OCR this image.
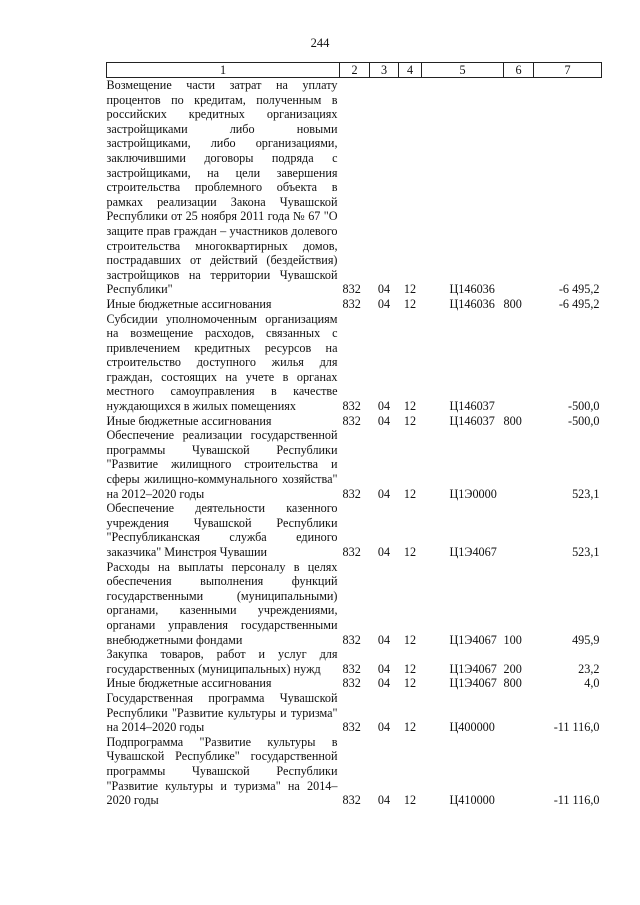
244
1	2	3	4	5	6	7
Возмещение части затрат на уплату процентов по кредитам, полученным в российских кредитных организациях застройщиками либо новыми застройщиками, либо организациями, заключившими договоры подряда с застройщиками, на цели завершения строительства проблемного объекта в рамках реализации Закона Чувашской Республики от 25 ноября 2011 года № 67 "О защите прав граждан – участников долевого строительства многоквартирных домов, пострадавших от действий (бездействия) застройщиков на территории Чувашской Республики"	832	04	12	Ц146036		-6 495,2
Иные бюджетные ассигнования	832	04	12	Ц146036	800	-6 495,2
Субсидии уполномоченным организациям на возмещение расходов, связанных с привлечением кредитных ресурсов на строительство доступного жилья для граждан, состоящих на учете в органах местного самоуправления в качестве нуждающихся в жилых помещениях	832	04	12	Ц146037		-500,0
Иные бюджетные ассигнования	832	04	12	Ц146037	800	-500,0
Обеспечение реализации государственной программы Чувашской Республики "Развитие жилищного строительства и сферы жилищно-коммунального хозяйства" на 2012–2020 годы	832	04	12	Ц1Э0000		523,1
Обеспечение деятельности казенного учреждения Чувашской Республики "Республиканская служба единого заказчика" Минстроя Чувашии	832	04	12	Ц1Э4067		523,1
Расходы на выплаты персоналу в целях обеспечения выполнения функций государственными (муниципальными) органами, казенными учреждениями, органами управления государственными внебюджетными фондами	832	04	12	Ц1Э4067	100	495,9
Закупка товаров, работ и услуг для государственных (муниципальных) нужд	832	04	12	Ц1Э4067	200	23,2
Иные бюджетные ассигнования	832	04	12	Ц1Э4067	800	4,0
Государственная программа Чувашской Республики "Развитие культуры и туризма" на 2014–2020 годы	832	04	12	Ц400000		-11 116,0
Подпрограмма "Развитие культуры в Чувашской Республике" государственной программы Чувашской Республики "Развитие культуры и туризма" на 2014–2020 годы	832	04	12	Ц410000		-11 116,0
